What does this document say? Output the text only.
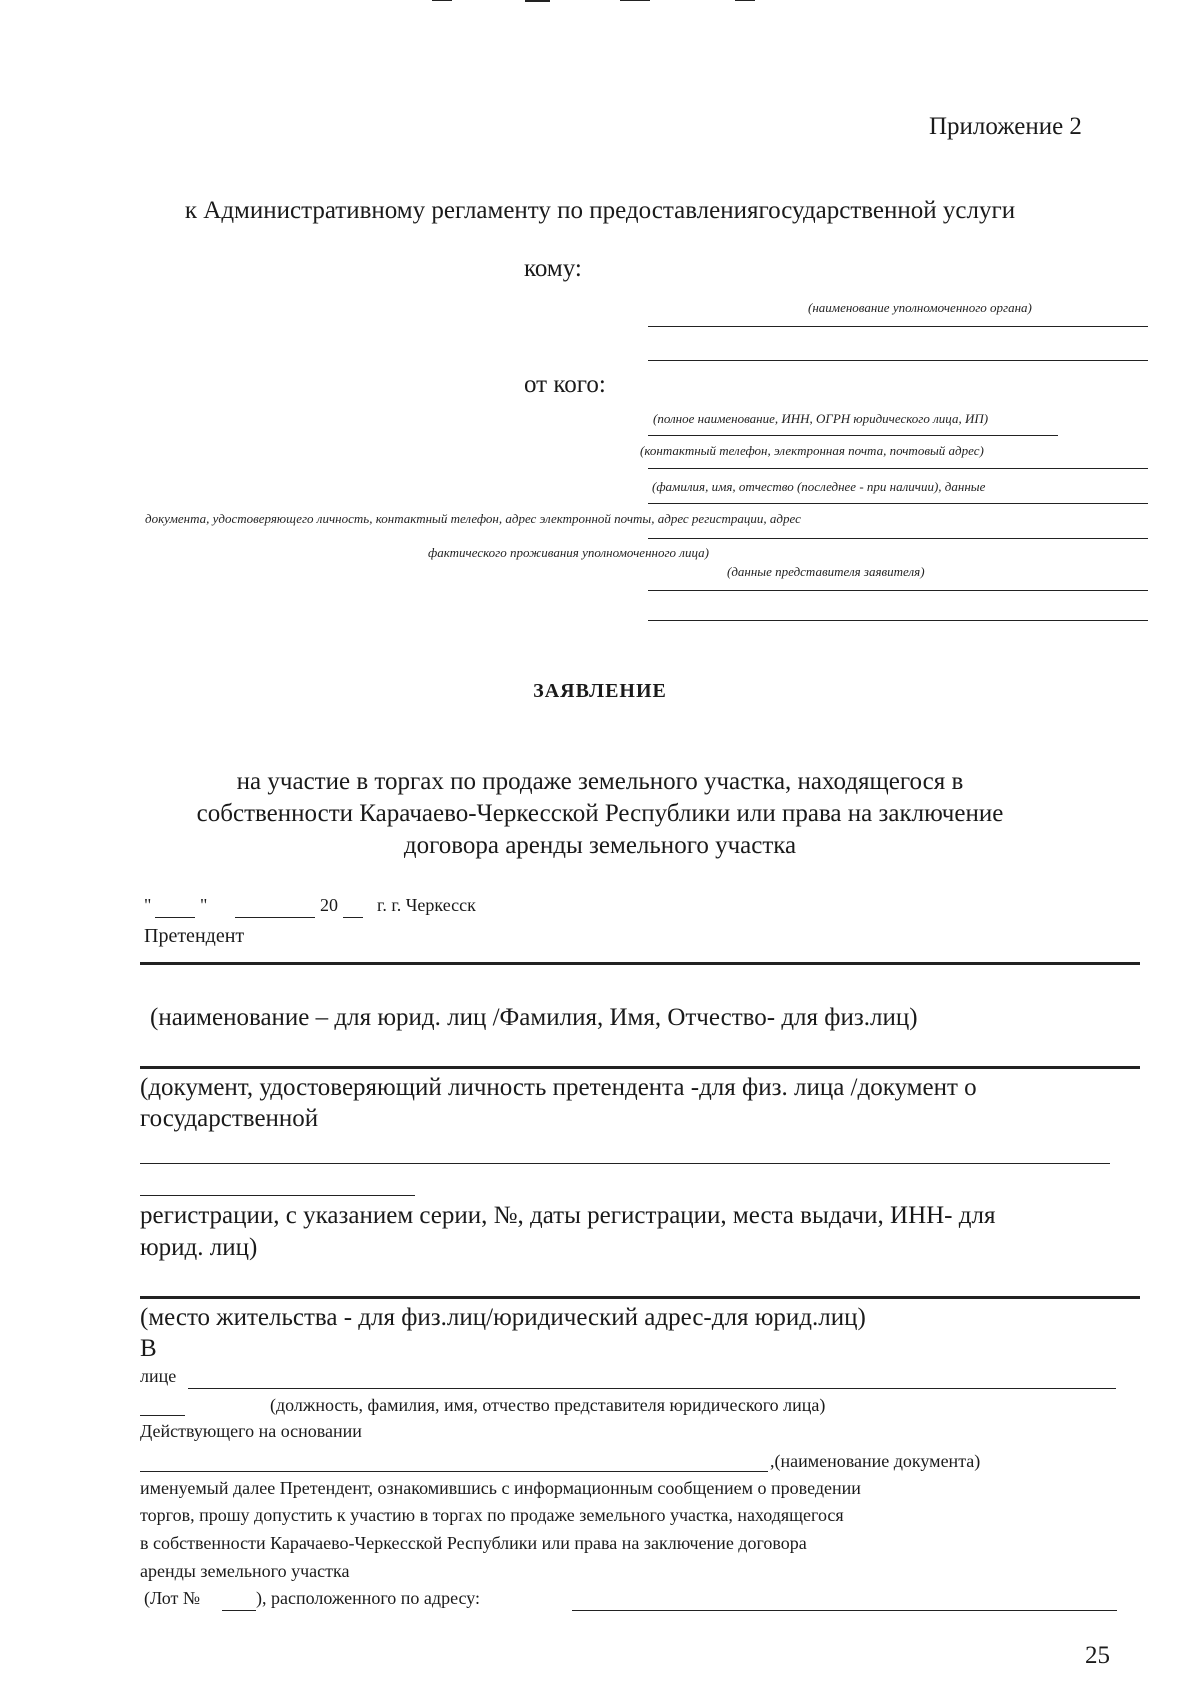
Приложение 2
к Административному регламенту по предоставлениягосударственной услуги
кому:
(наименование уполномоченного органа)
от кого:
(полное наименование, ИНН, ОГРН юридического лица, ИП)
(контактный телефон, электронная почта, почтовый адрес)
(фамилия, имя, отчество (последнее - при наличии), данные
документа, удостоверяющего личность, контактный телефон, адрес электронной почты, адрес регистрации, адрес
фактического проживания уполномоченного лица)
(данные представителя заявителя)
ЗАЯВЛЕНИЕ
на участие в торгах по продаже земельного участка, находящегося в
собственности Карачаево-Черкесской Республики или права на заключение
договора аренды земельного участка
"	"	20 г. г. Черкесск
Претендент
(наименование – для юрид. лиц /Фамилия, Имя, Отчество- для физ.лиц)
(документ, удостоверяющий личность претендента -для физ. лица /документ о
государственной
регистрации, с указанием серии, №, даты регистрации, места выдачи, ИНН- для
юрид. лиц)
(место жительства - для физ.лиц/юридический адрес-для юрид.лиц)
В
лице
(должность, фамилия, имя, отчество представителя юридического лица)
Действующего на основании
,(наименование документа)
именуемый далее Претендент, ознакомившись с информационным сообщением о проведении
торгов, прошу допустить к участию в торгах по продаже земельного участка, находящегося
в собственности Карачаево-Черкесской Республики или права на заключение договора
аренды земельного участка
(Лот №	), расположенного по адресу:
25
